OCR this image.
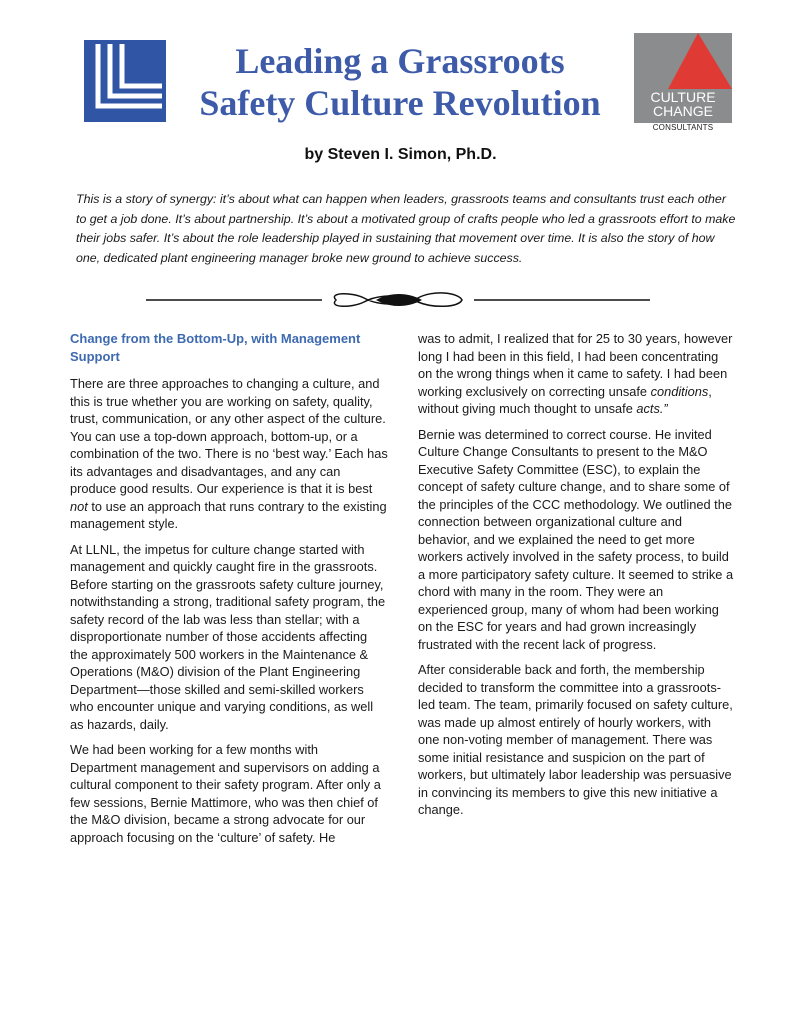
Leading a Grassroots
Safety Culture Revolution	CULTURE
CHANGE
CONSULTANTS
by Steven I. Simon, Ph.D.
This is a story of synergy: it’s about what can happen when leaders, grassroots teams and consultants trust each other to get a job done. It’s about partnership. It’s about a motivated group of crafts people who led a grassroots effort to make their jobs safer. It’s about the role leadership played in sustaining that movement over time. It is also the story of how one, dedicated plant engineering manager broke new ground to achieve success.
Change from the Bottom-Up, with Management Support

There are three approaches to changing a culture, and this is true whether you are working on safety, quality, trust, communication, or any other aspect of the culture. You can use a top-down approach, bottom-up, or a combination of the two. There is no ‘best way.’ Each has its advantages and disadvantages, and any can produce good results. Our experience is that it is best not to use an approach that runs contrary to the existing management style.

At LLNL, the impetus for culture change started with management and quickly caught fire in the grassroots. Before starting on the grassroots safety culture journey, notwithstanding a strong, traditional safety program, the safety record of the lab was less than stellar; with a disproportionate number of those accidents affecting the approximately 500 workers in the Maintenance & Operations (M&O) division of the Plant Engineering Department—those skilled and semi-skilled workers who encounter unique and varying conditions, as well as hazards, daily.

We had been working for a few months with Department management and supervisors on adding a cultural component to their safety program. After only a few sessions, Bernie Mattimore, who was then chief of the M&O division, became a strong advocate for our approach focusing on the ‘culture’ of safety. He

was to admit, I realized that for 25 to 30 years, however long I had been in this field, I had been concentrating on the wrong things when it came to safety. I had been working exclusively on correcting unsafe conditions, without giving much thought to unsafe acts.”

Bernie was determined to correct course. He invited Culture Change Consultants to present to the M&O Executive Safety Committee (ESC), to explain the concept of safety culture change, and to share some of the principles of the CCC methodology. We outlined the connection between organizational culture and behavior, and we explained the need to get more workers actively involved in the safety process, to build a more participatory safety culture. It seemed to strike a chord with many in the room. They were an experienced group, many of whom had been working on the ESC for years and had grown increasingly frustrated with the recent lack of progress.

After considerable back and forth, the membership decided to transform the committee into a grassroots-led team. The team, primarily focused on safety culture, was made up almost entirely of hourly workers, with one non-voting member of management. There was some initial resistance and suspicion on the part of workers, but ultimately labor leadership was persuasive in convincing its members to give this new initiative a change.
